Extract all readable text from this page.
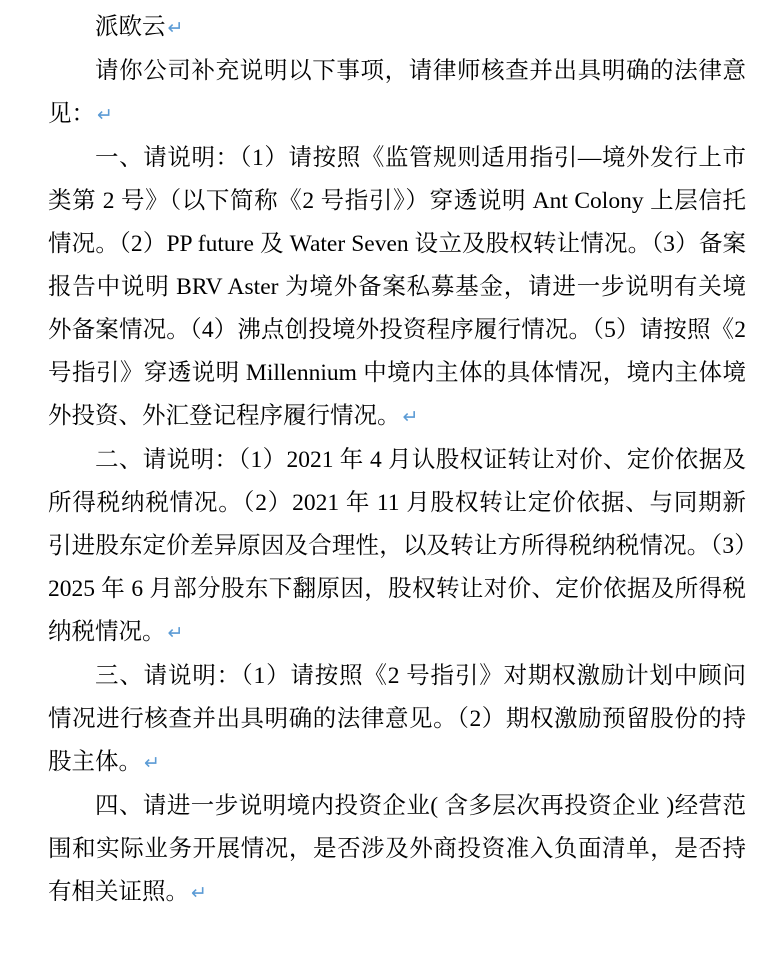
派欧云 ↵

请你公司补充说明以下事项，请律师核查并出具明确的法律意见： ↵

一、请说明：（1）请按照《监管规则适用指引—境外发行上市类第 2 号》（以下简称《2 号指引》）穿透说明 Ant Colony 上层信托情况。（2）PP future 及 Water Seven 设立及股权转让情况。（3）备案报告中说明 BRV Aster 为境外备案私募基金，请进一步说明有关境外备案情况。（4）沸点创投境外投资程序履行情况。（5）请按照《2 号指引》穿透说明 Millennium 中境内主体的具体情况，境内主体境外投资、外汇登记程序履行情况。 ↵

二、请说明：（1）2021 年 4 月认股权证转让对价、定价依据及所得税纳税情况。（2）2021 年 11 月股权转让定价依据、与同期新引进股东定价差异原因及合理性，以及转让方所得税纳税情况。（3）2025 年 6 月部分股东下翻原因，股权转让对价、定价依据及所得税纳税情况。 ↵

三、请说明：（1）请按照《2 号指引》对期权激励计划中顾问情况进行核查并出具明确的法律意见。（2）期权激励预留股份的持股主体。 ↵

四、请进一步说明境内投资企业( 含多层次再投资企业 )经营范围和实际业务开展情况，是否涉及外商投资准入负面清单，是否持有相关证照。 ↵
